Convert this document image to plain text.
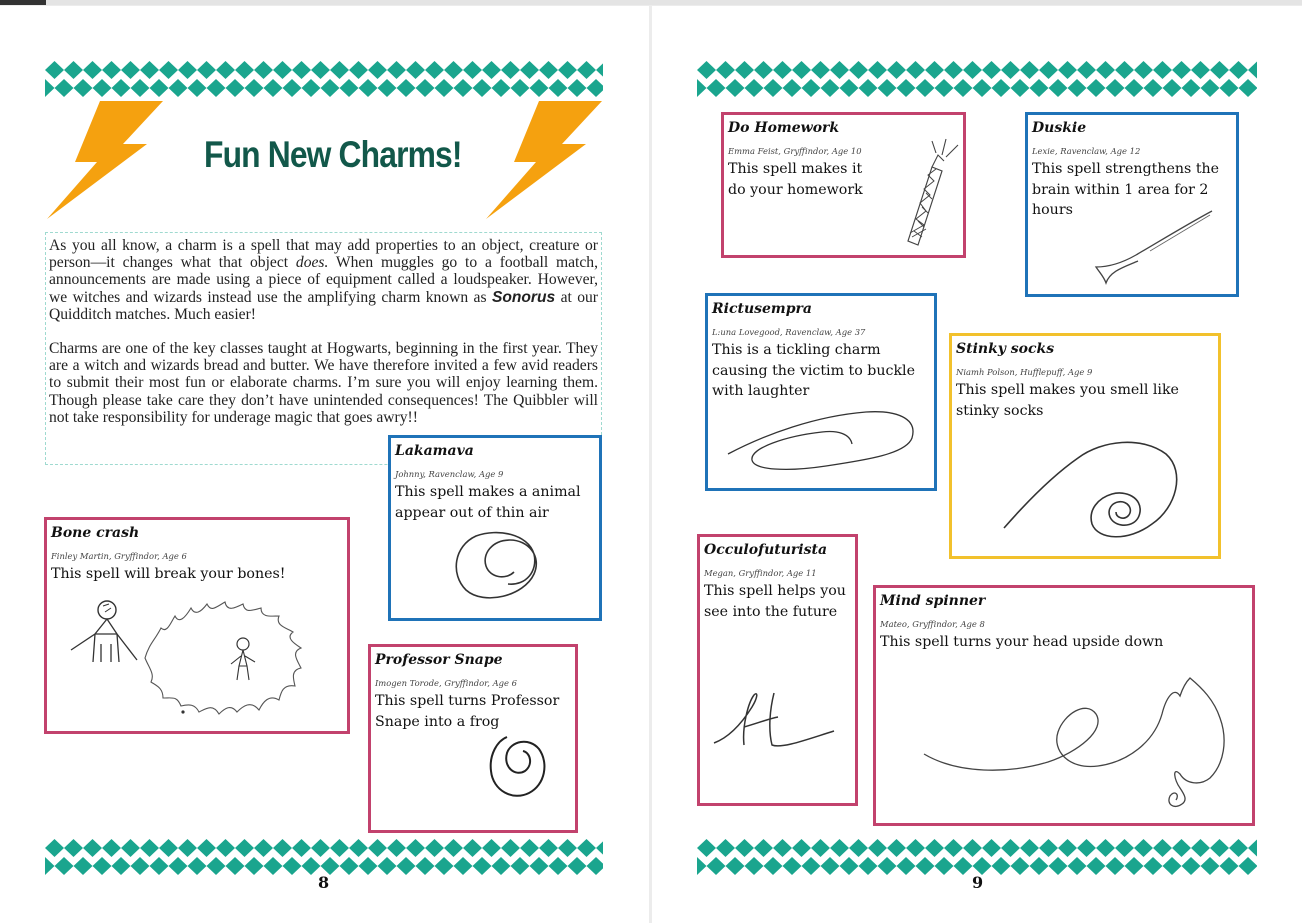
Fun New Charms!

As you all know, a charm is a spell that may add properties to an object, creature or person—it changes what that object does. When muggles go to a football match, announcements are made using a piece of equipment called a loudspeaker. However, we witches and wizards instead use the amplifying charm known as Sonorus at our Quidditch matches. Much easier!

Charms are one of the key classes taught at Hogwarts, beginning in the first year. They are a witch and wizards bread and butter. We have therefore invited a few avid readers to submit their most fun or elaborate charms. I’m sure you will enjoy learning them. Though please take care they don’t have unintended consequences! The Quibbler will not take responsibility for underage magic that goes awry!!

Lakamava
Johnny, Ravenclaw, Age 9
This spell makes a animal appear out of thin air
Bone crash
Finley Martin, Gryffindor, Age 6
This spell will break your bones!
Professor Snape
Imogen Torode, Gryffindor, Age 6
This spell turns Professor Snape into a frog
8
Do Homework
Emma Feist, Gryffindor, Age 10
This spell makes it do your homework
Duskie
Lexie, Ravenclaw, Age 12
This spell strengthens the brain within 1 area for 2 hours
Rictusempra
L:una Lovegood, Ravenclaw, Age 37
This is a tickling charm causing the victim to buckle with laughter
Stinky socks
Niamh Polson, Hufflepuff, Age 9
This spell makes you smell like stinky socks
Occulofuturista
Megan, Gryffindor, Age 11
This spell helps you see into the future
Mind spinner
Mateo, Gryffindor, Age 8
This spell turns your head upside down
9
